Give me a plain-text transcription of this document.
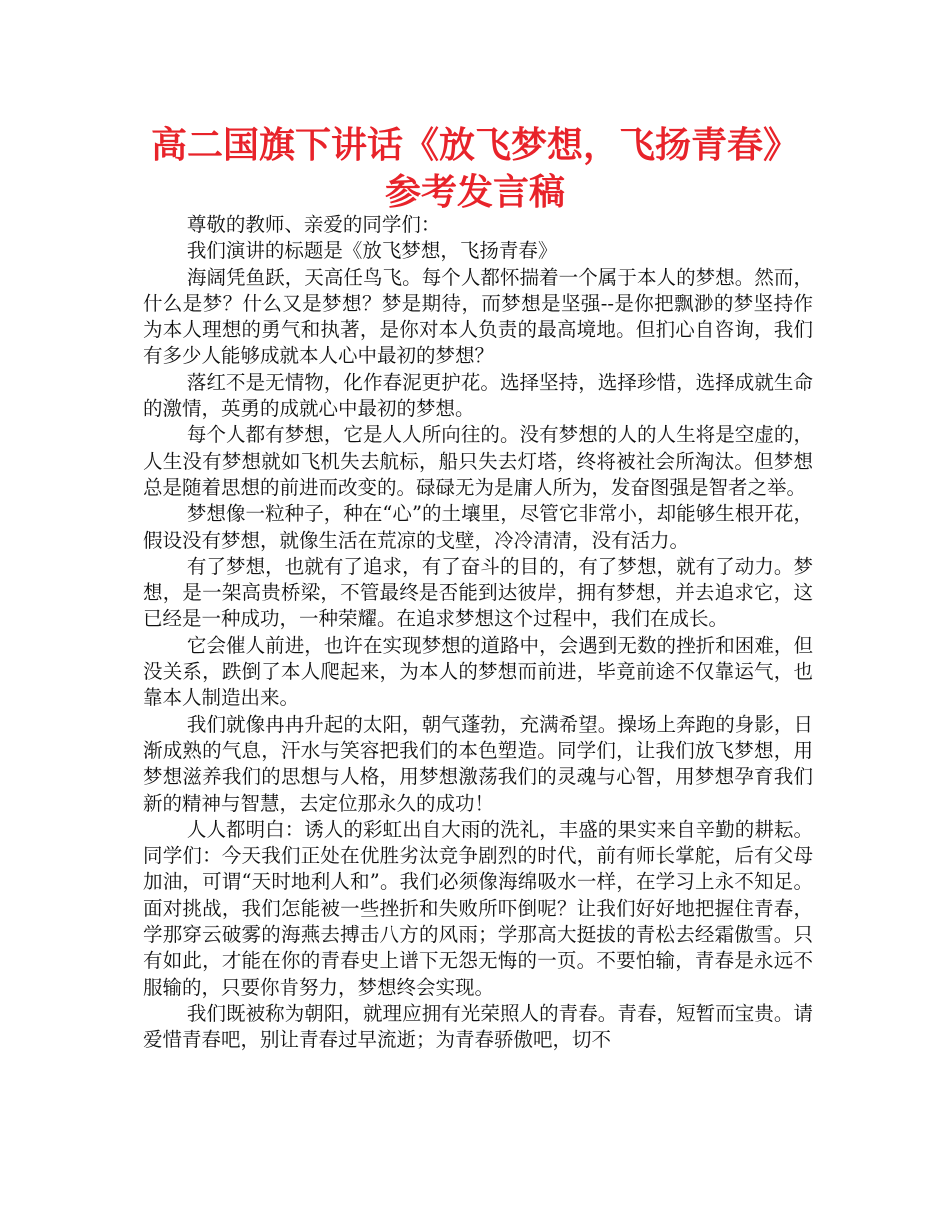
高二国旗下讲话《放飞梦想，飞扬青春》
参考发言稿

尊敬的教师、亲爱的同学们：

我们演讲的标题是《放飞梦想，飞扬青春》

海阔凭鱼跃，天高任鸟飞。每个人都怀揣着一个属于本人的梦想。然而，什么是梦？什么又是梦想？梦是期待，而梦想是坚强--是你把飘渺的梦坚持作为本人理想的勇气和执著，是你对本人负责的最高境地。但扪心自咨询，我们有多少人能够成就本人心中最初的梦想？

落红不是无情物，化作春泥更护花。选择坚持，选择珍惜，选择成就生命的激情，英勇的成就心中最初的梦想。

每个人都有梦想，它是人人所向往的。没有梦想的人的人生将是空虚的，人生没有梦想就如飞机失去航标，船只失去灯塔，终将被社会所淘汰。但梦想总是随着思想的前进而改变的。碌碌无为是庸人所为，发奋图强是智者之举。

梦想像一粒种子，种在“心”的土壤里，尽管它非常小，却能够生根开花，假设没有梦想，就像生活在荒凉的戈壁，冷冷清清，没有活力。

有了梦想，也就有了追求，有了奋斗的目的，有了梦想，就有了动力。梦想，是一架高贵桥梁，不管最终是否能到达彼岸，拥有梦想，并去追求它，这已经是一种成功，一种荣耀。在追求梦想这个过程中，我们在成长。

它会催人前进，也许在实现梦想的道路中，会遇到无数的挫折和困难，但没关系，跌倒了本人爬起来，为本人的梦想而前进，毕竟前途不仅靠运气，也靠本人制造出来。

我们就像冉冉升起的太阳，朝气蓬勃，充满希望。操场上奔跑的身影，日渐成熟的气息，汗水与笑容把我们的本色塑造。同学们，让我们放飞梦想，用梦想滋养我们的思想与人格，用梦想激荡我们的灵魂与心智，用梦想孕育我们新的精神与智慧，去定位那永久的成功！

人人都明白：诱人的彩虹出自大雨的洗礼，丰盛的果实来自辛勤的耕耘。同学们：今天我们正处在优胜劣汰竞争剧烈的时代，前有师长掌舵，后有父母加油，可谓“天时地利人和”。我们必须像海绵吸水一样，在学习上永不知足。面对挑战，我们怎能被一些挫折和失败所吓倒呢？让我们好好地把握住青春，学那穿云破雾的海燕去搏击八方的风雨；学那高大挺拔的青松去经霜傲雪。只有如此，才能在你的青春史上谱下无怨无悔的一页。不要怕输，青春是永远不服输的，只要你肯努力，梦想终会实现。

我们既被称为朝阳，就理应拥有光荣照人的青春。青春，短暂而宝贵。请爱惜青春吧，别让青春过早流逝；为青春骄傲吧，切不
